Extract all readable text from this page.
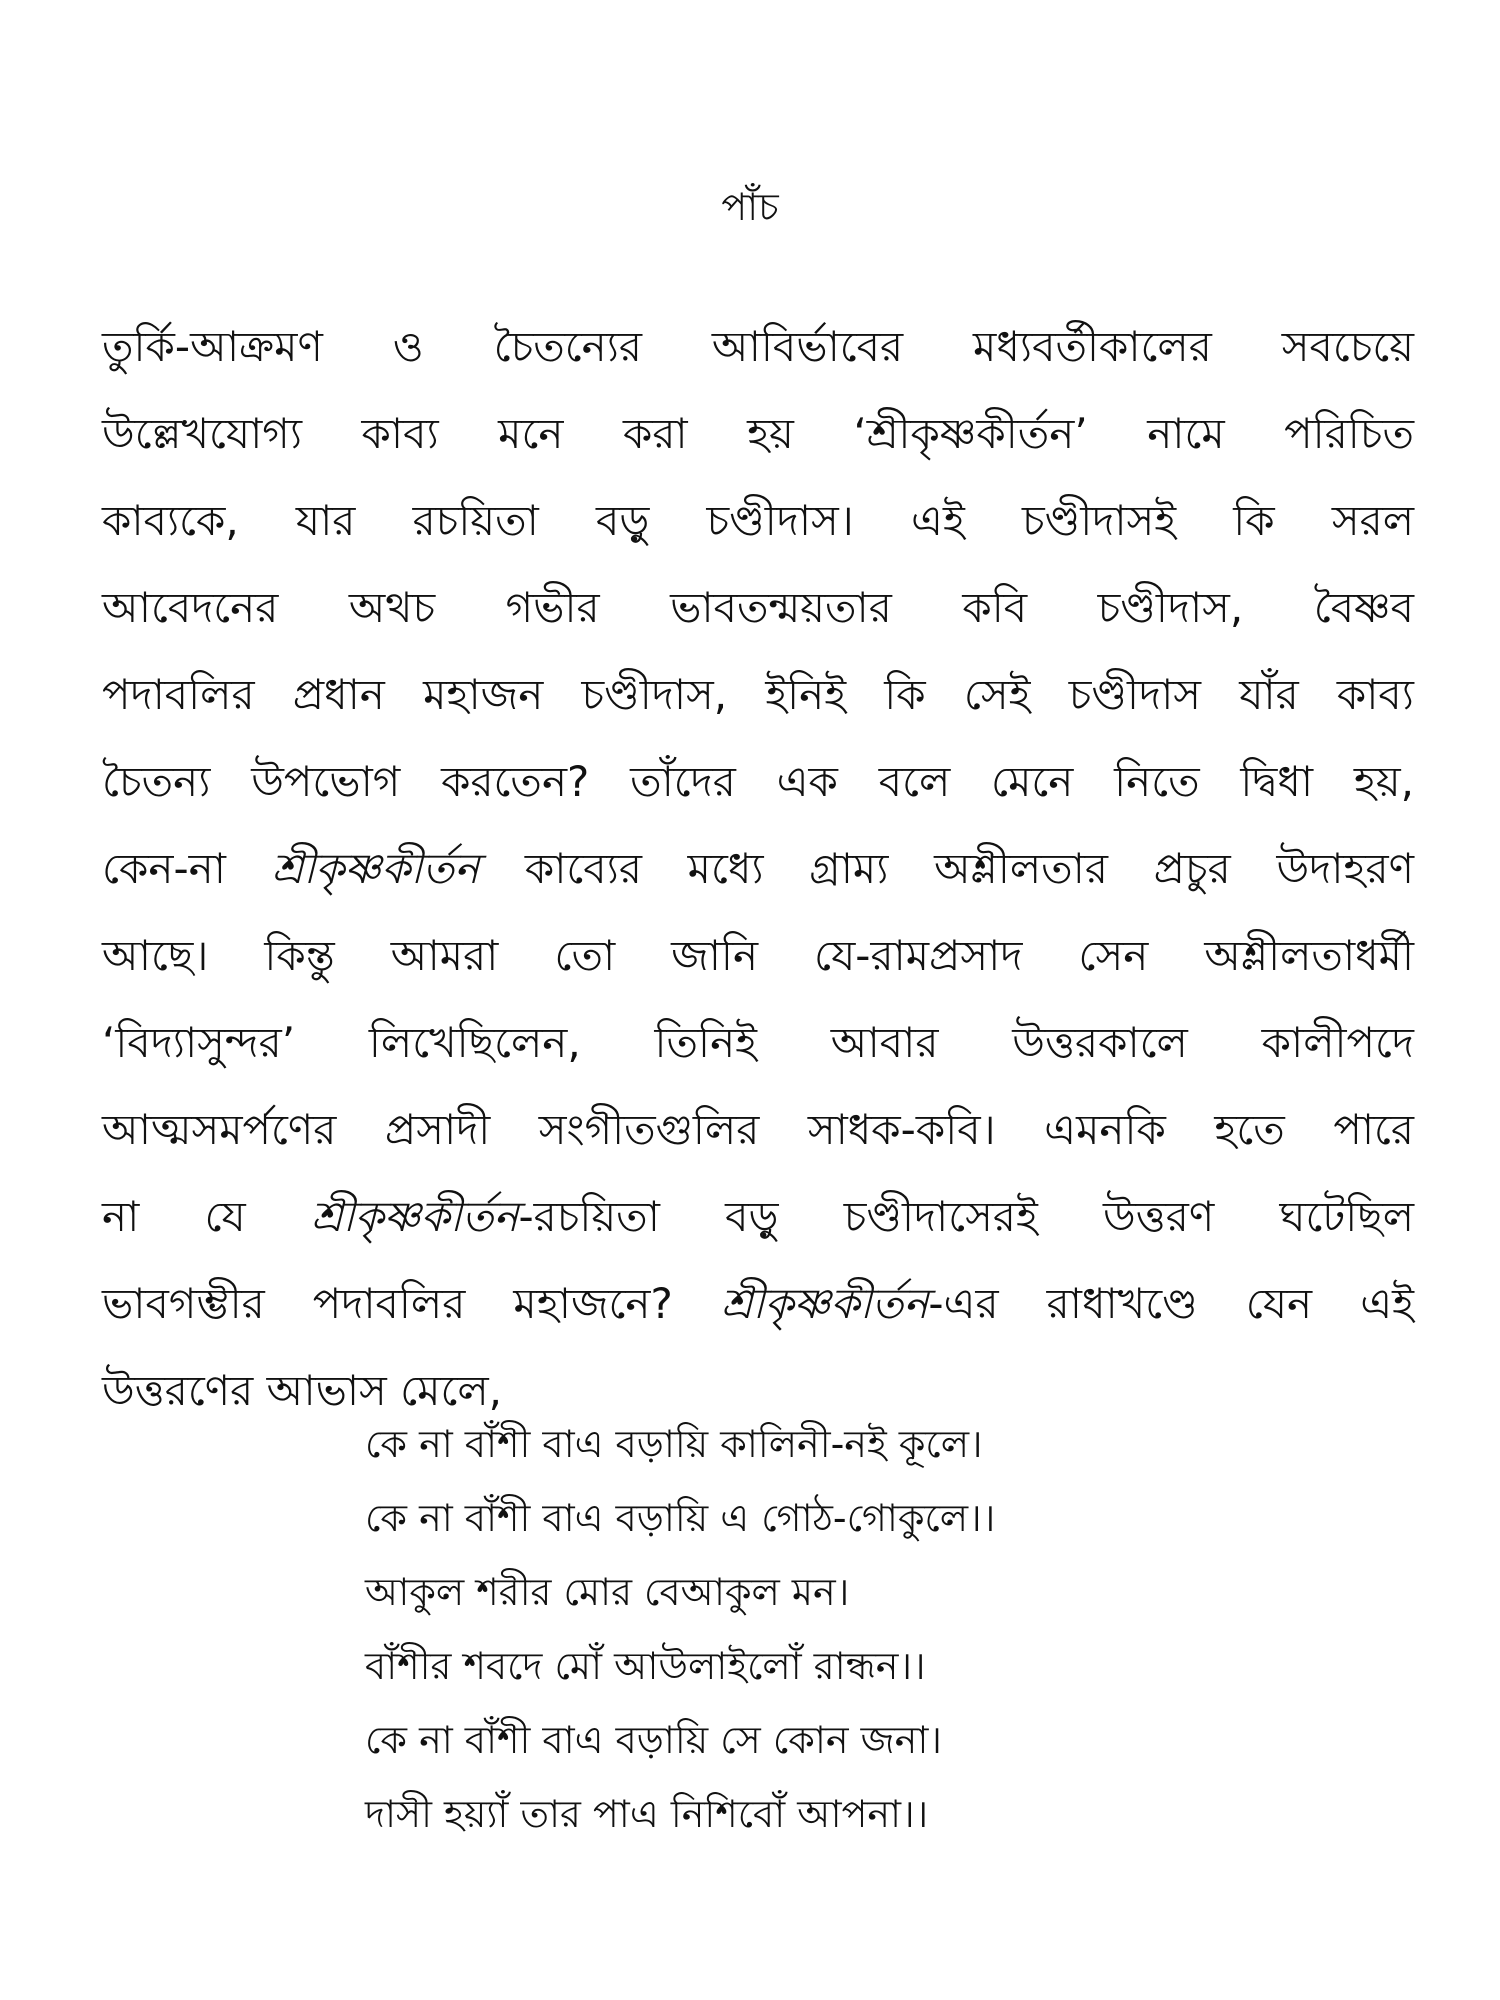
পাঁচ
তুর্কি-আক্রমণ ও চৈতন্যের আবির্ভাবের মধ্যবর্তীকালের সবচেয়ে
উল্লেখযোগ্য কাব্য মনে করা হয় ‘শ্রীকৃষ্ণকীর্তন’ নামে পরিচিত
কাব্যকে, যার রচয়িতা বড়ু চণ্ডীদাস। এই চণ্ডীদাসই কি সরল
আবেদনের অথচ গভীর ভাবতন্ময়তার কবি চণ্ডীদাস, বৈষ্ণব
পদাবলির প্রধান মহাজন চণ্ডীদাস, ইনিই কি সেই চণ্ডীদাস যাঁর কাব্য
চৈতন্য উপভোগ করতেন? তাঁদের এক বলে মেনে নিতে দ্বিধা হয়,
কেন-না শ্রীকৃষ্ণকীর্তন কাব্যের মধ্যে গ্রাম্য অশ্লীলতার প্রচুর উদাহরণ
আছে। কিন্তু আমরা তো জানি যে-রামপ্রসাদ সেন অশ্লীলতাধর্মী
‘বিদ্যাসুন্দর’ লিখেছিলেন, তিনিই আবার উত্তরকালে কালীপদে
আত্মসমর্পণের প্রসাদী সংগীতগুলির সাধক-কবি। এমনকি হতে পারে
না যে শ্রীকৃষ্ণকীর্তন-রচয়িতা বড়ু চণ্ডীদাসেরই উত্তরণ ঘটেছিল
ভাবগম্ভীর পদাবলির মহাজনে? শ্রীকৃষ্ণকীর্তন-এর রাধাখণ্ডে যেন এই
উত্তরণের আভাস মেলে,
কে না বাঁশী বাএ বড়ায়ি কালিনী-নই কূলে।
কে না বাঁশী বাএ বড়ায়ি এ গোঠ-গোকুলে।।
আকুল শরীর মোর বেআকুল মন।
বাঁশীর শবদে মোঁ আউলাইলোঁ রান্ধন।।
কে না বাঁশী বাএ বড়ায়ি সে কোন জনা।
দাসী হয়্যাঁ তার পাএ নিশিবোঁ আপনা।।
